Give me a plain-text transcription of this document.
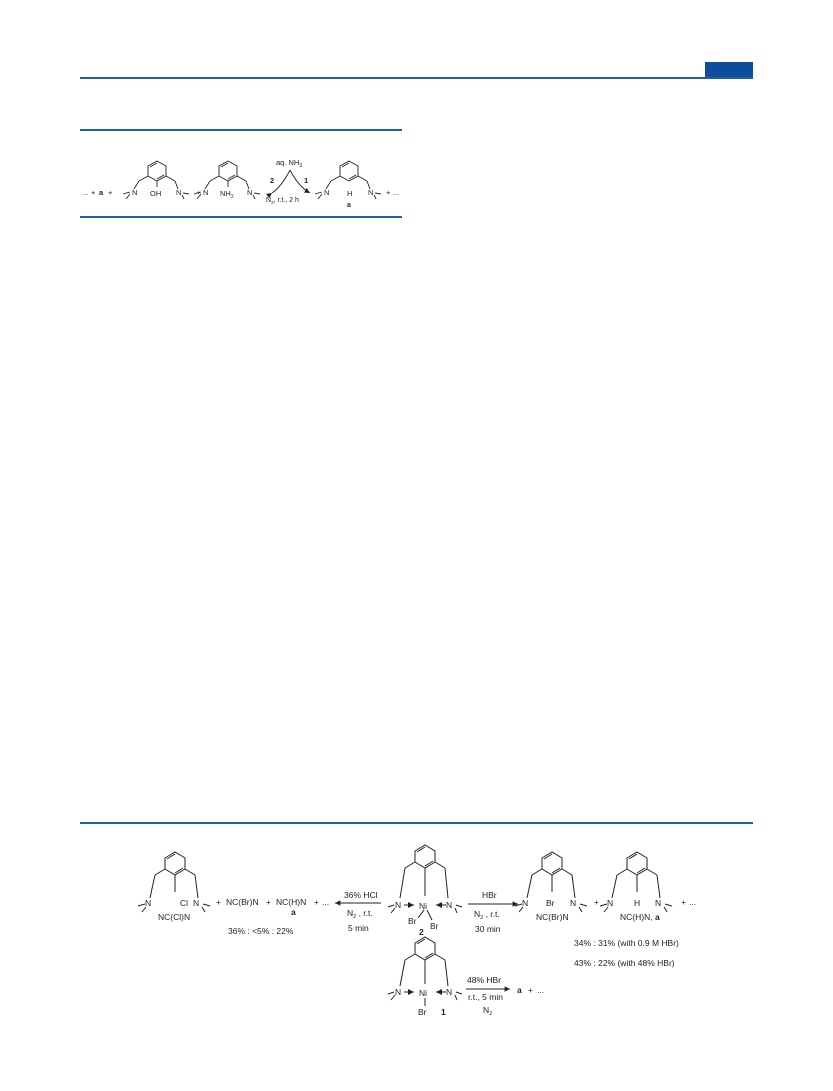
... + a +	N OH N + N $NH_2$ N
aq. $NH_3$
2	1
$N_2$, r.t., 2 h
N H N
a
+ ...
N	Cl N
NC(Cl)N
+ NC(Br)N + NC(H)N
a
+ ...
36% : <5% : 22%
36% HCl
$N_2$ , r.t.
5 min
N Ni N
Br Br
2
HBr
$N_2$ , r.t.
30 min
N Br N
NC(Br)N
+ N H N
NC(H)N, a
+ ...
34% : 31% (with 0.9 M HBr)
43% : 22% (with 48% HBr)
N Ni N
Br 1
48% HBr
r.t., 5 min
$N_2$
a + ...
